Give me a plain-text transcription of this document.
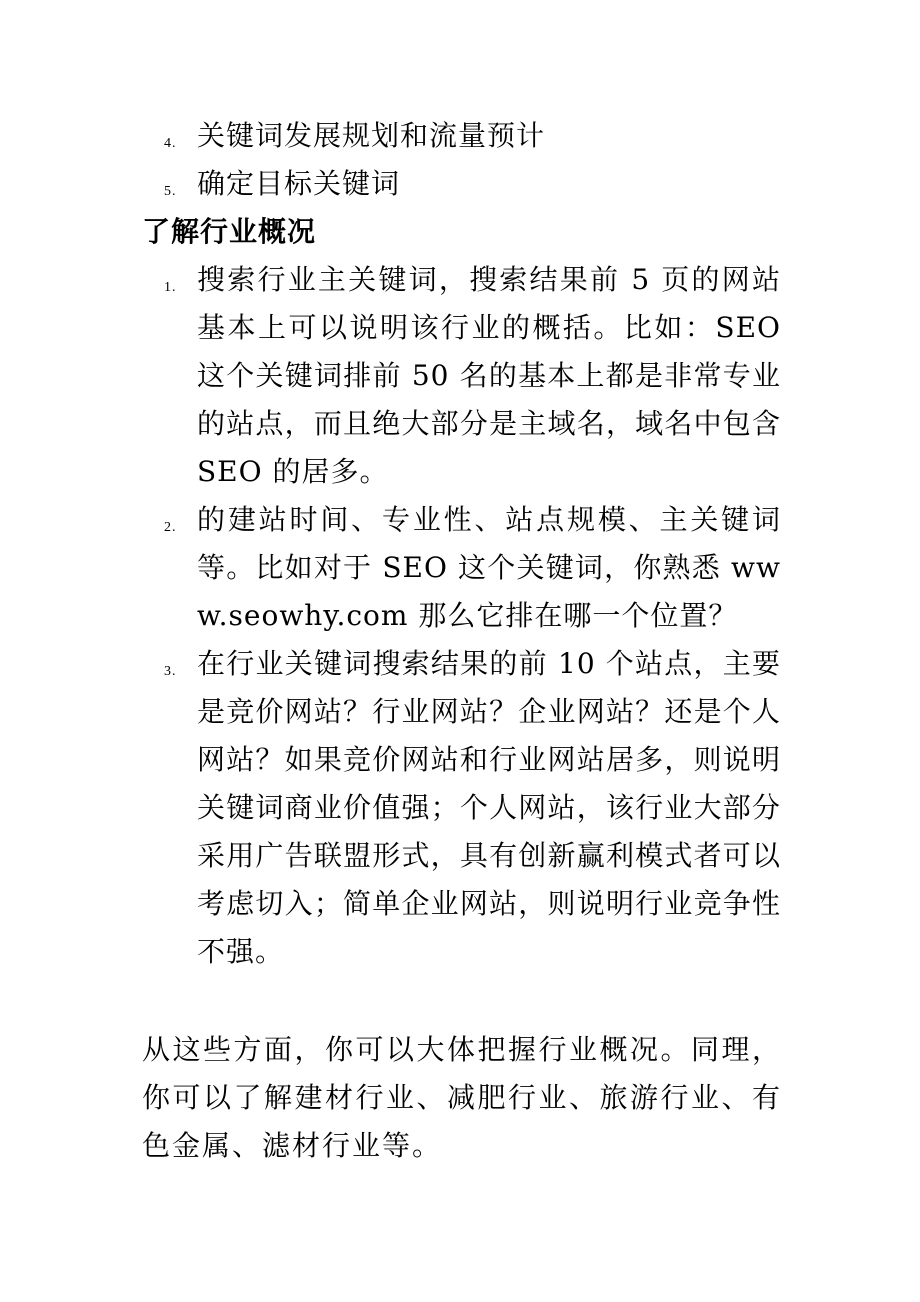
4. 关键词发展规划和流量预计
5. 确定目标关键词
了解行业概况
1. 搜索行业主关键词，搜索结果前 5 页的网站基本上可以说明该行业的概括。比如：SEO 这个关键词排前 50 名的基本上都是非常专业的站点，而且绝大部分是主域名，域名中包含 SEO 的居多。
2. 的建站时间、专业性、站点规模、主关键词等。比如对于 SEO 这个关键词，你熟悉 www.seowhy.com 那么它排在哪一个位置？
3. 在行业关键词搜索结果的前 10 个站点，主要是竞价网站？行业网站？企业网站？还是个人网站？如果竞价网站和行业网站居多，则说明关键词商业价值强；个人网站，该行业大部分采用广告联盟形式，具有创新赢利模式者可以考虑切入；简单企业网站，则说明行业竞争性不强。

从这些方面，你可以大体把握行业概况。同理，你可以了解建材行业、减肥行业、旅游行业、有色金属、滤材行业等。
